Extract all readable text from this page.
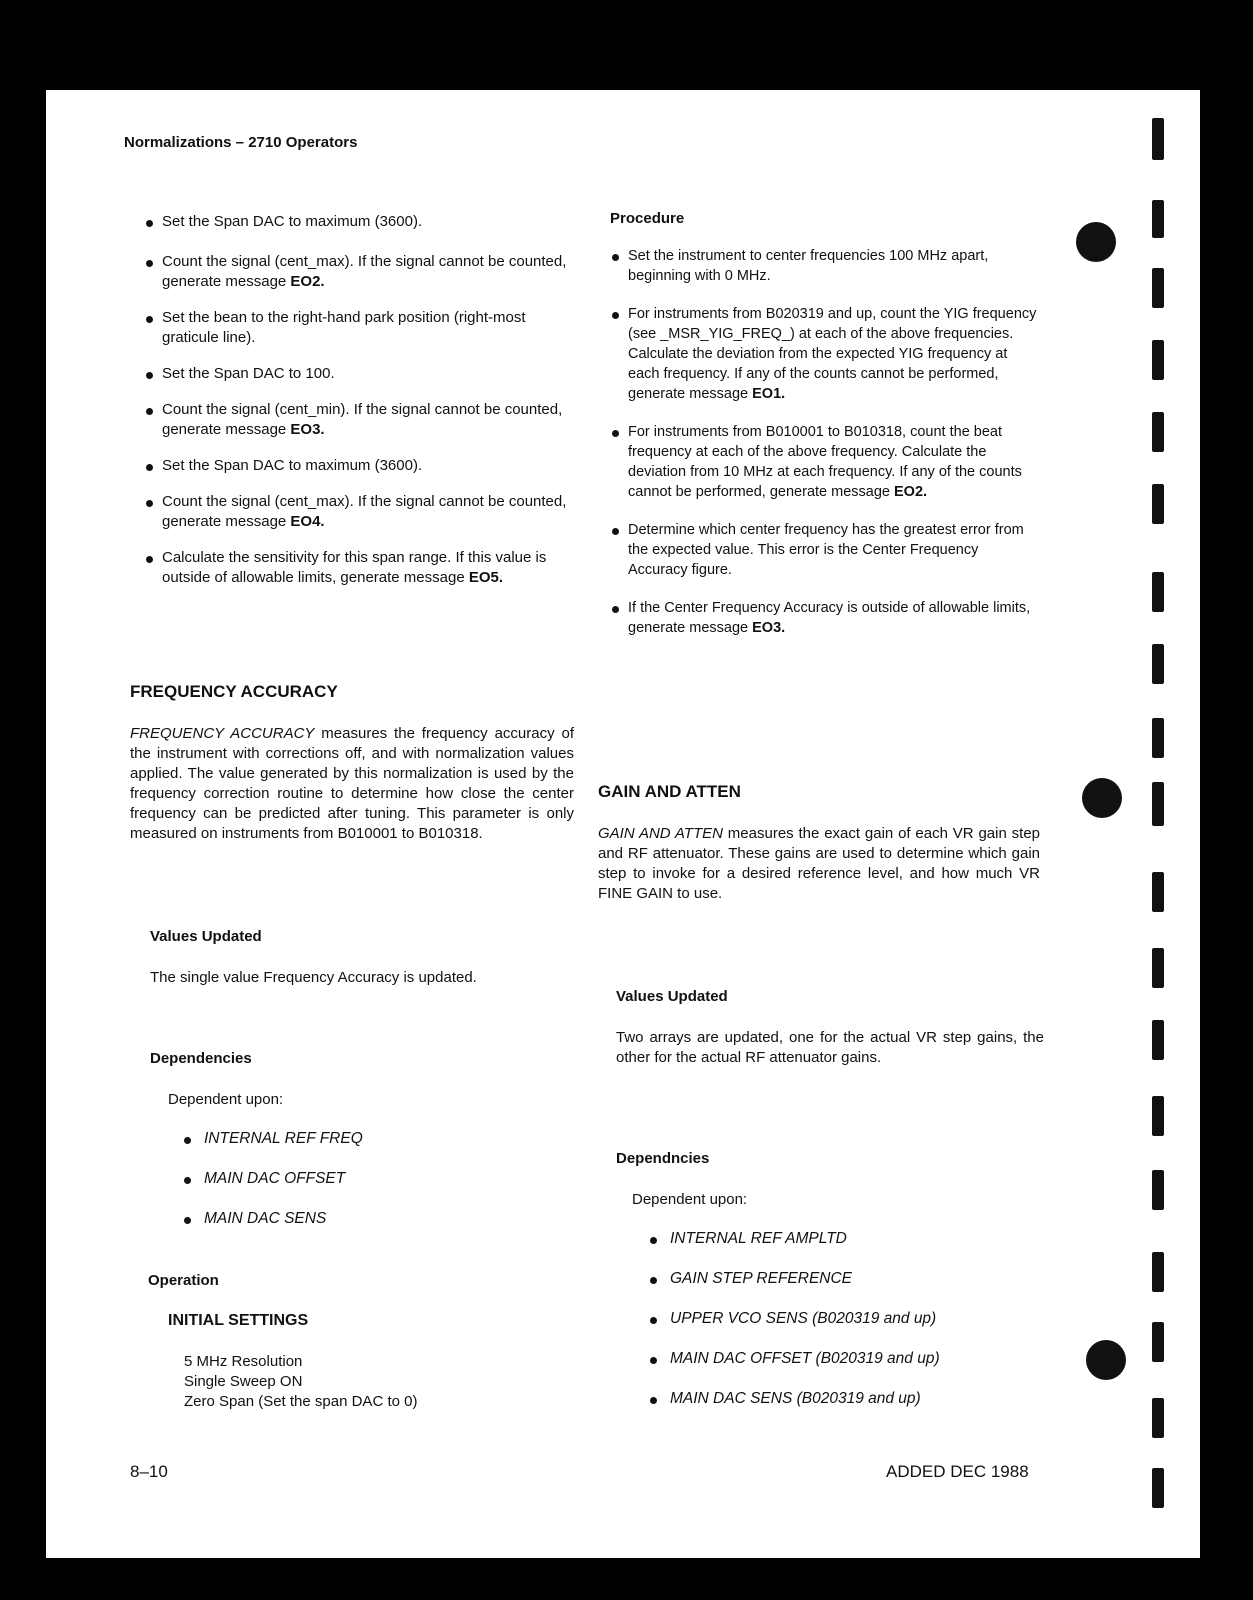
Normalizations – 2710 Operators

Set the Span DAC to maximum (3600).

Count the signal (cent_max). If the signal cannot be counted, generate message EO2.

Set the bean to the right-hand park position (right-most graticule line).

Set the Span DAC to 100.

Count the signal (cent_min). If the signal cannot be counted, generate message EO3.

Set the Span DAC to maximum (3600).

Count the signal (cent_max). If the signal cannot be counted, generate message EO4.

Calculate the sensitivity for this span range. If this value is outside of allowable limits, generate message EO5.

FREQUENCY ACCURACY
FREQUENCY ACCURACY measures the frequency accuracy of the instrument with corrections off, and with normalization values applied. The value generated by this normalization is used by the frequency correction routine to determine how close the center frequency can be predicted after tuning. This parameter is only measured on instruments from B010001 to B010318.
Values Updated
The single value Frequency Accuracy is updated.
Dependencies
Dependent upon:
INTERNAL REF FREQ
MAIN DAC OFFSET
MAIN DAC SENS
Operation
INITIAL SETTINGS
5 MHz Resolution
Single Sweep ON
Zero Span (Set the span DAC to 0)
Procedure

Set the instrument to center frequencies 100 MHz apart, beginning with 0 MHz.

For instruments from B020319 and up, count the YIG frequency (see _MSR_YIG_FREQ_) at each of the above frequencies. Calculate the deviation from the expected YIG frequency at each frequency. If any of the counts cannot be performed, generate message EO1.

For instruments from B010001 to B010318, count the beat frequency at each of the above frequency. Calculate the deviation from 10 MHz at each frequency. If any of the counts cannot be performed, generate message EO2.

Determine which center frequency has the greatest error from the expected value. This error is the Center Frequency Accuracy figure.

If the Center Frequency Accuracy is outside of allowable limits, generate message EO3.

GAIN AND ATTEN
GAIN AND ATTEN measures the exact gain of each VR gain step and RF attenuator. These gains are used to determine which gain step to invoke for a desired reference level, and how much VR FINE GAIN to use.
Values Updated
Two arrays are updated, one for the actual VR step gains, the other for the actual RF attenuator gains.
Dependncies
Dependent upon:
INTERNAL REF AMPLTD
GAIN STEP REFERENCE
UPPER VCO SENS (B020319 and up)
MAIN DAC OFFSET (B020319 and up)
MAIN DAC SENS (B020319 and up)
8–10	ADDED DEC 1988
